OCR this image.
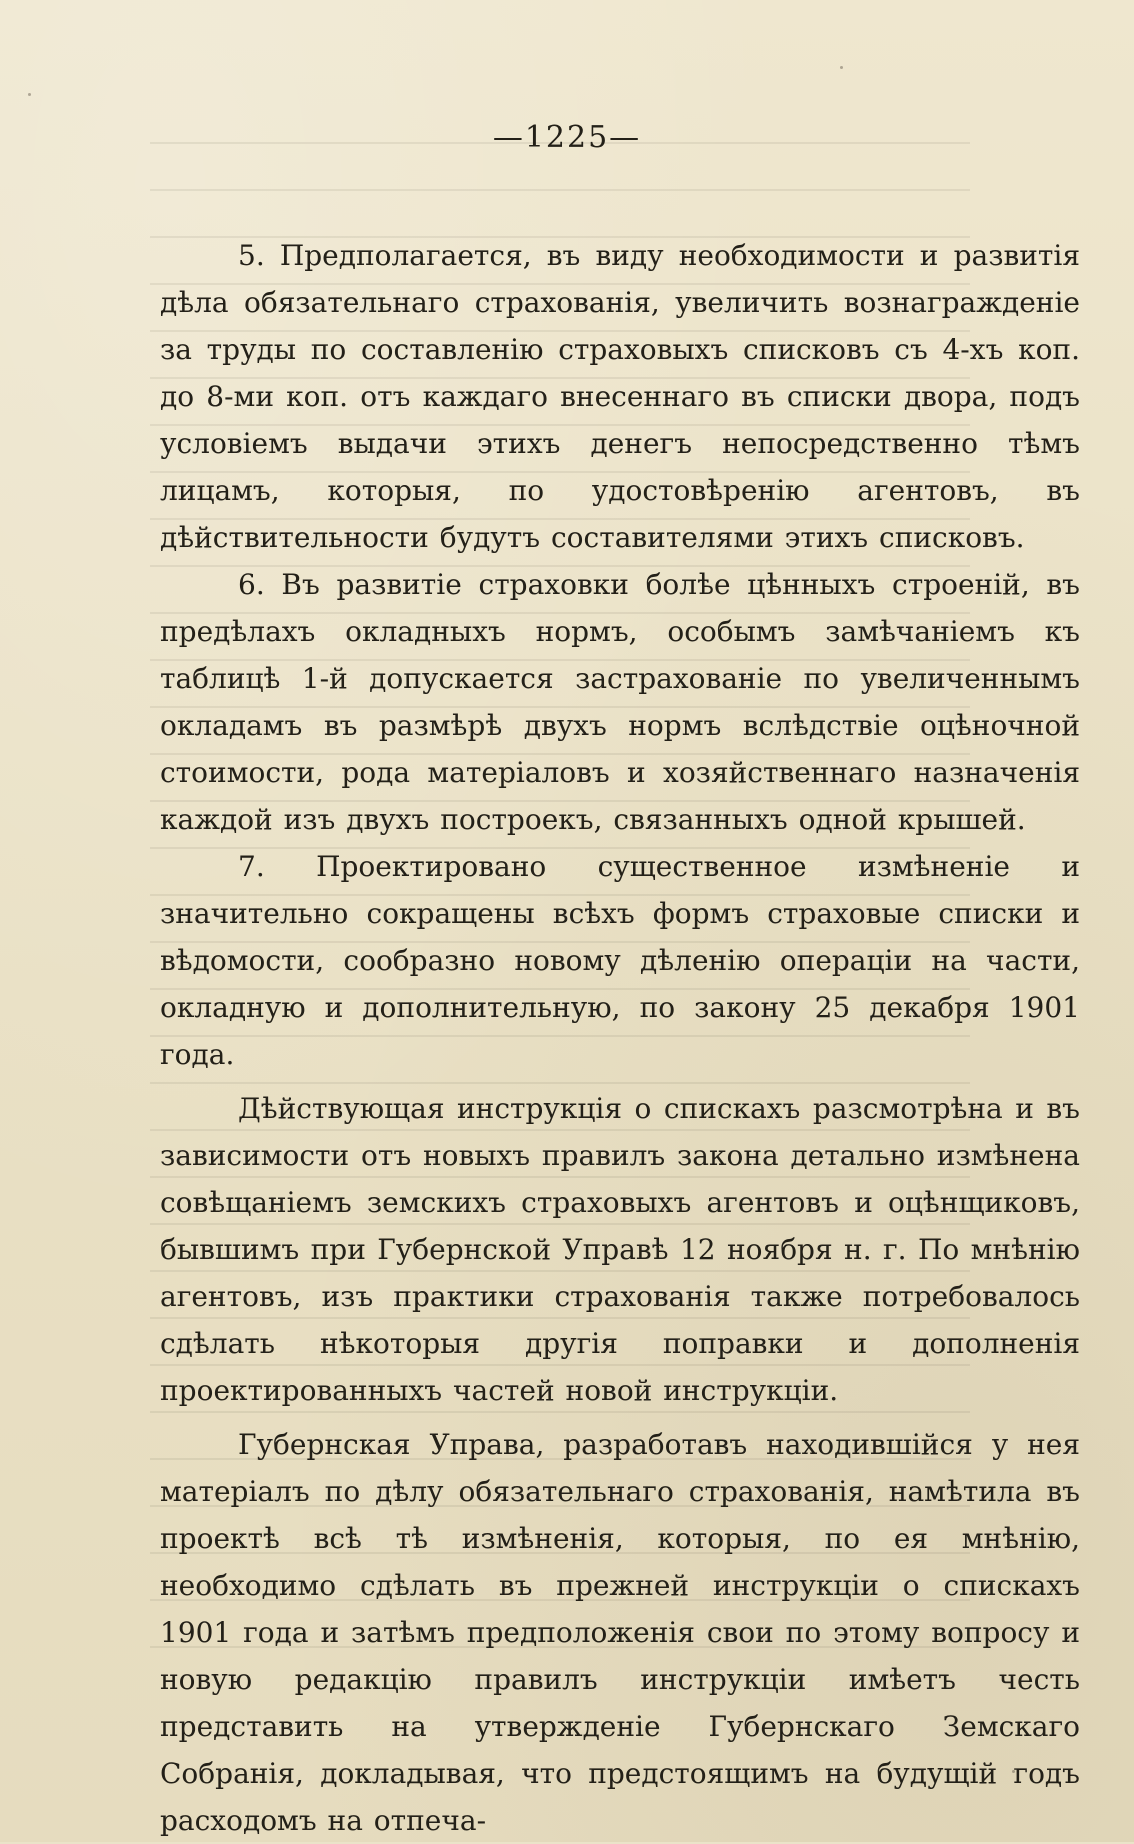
—1225—
5. Предполагается, въ виду необходимости и развитія дѣла обязательнаго страхованія, увеличить вознагражденіе за труды по составленію страховыхъ списковъ съ 4-хъ коп. до 8-ми коп. отъ каждаго внесеннаго въ списки двора, подъ условіемъ выдачи этихъ денегъ непосредственно тѣмъ лицамъ, которыя, по удостовѣренію агентовъ, въ дѣйствительности будутъ составителями этихъ списковъ.
6. Въ развитіе страховки болѣе цѣнныхъ строеній, въ предѣлахъ окладныхъ нормъ, особымъ замѣчаніемъ къ таблицѣ 1-й допускается застрахованіе по увеличеннымъ окладамъ въ размѣрѣ двухъ нормъ вслѣдствіе оцѣночной стоимости, рода матеріаловъ и хозяйственнаго назначенія каждой изъ двухъ построекъ, связанныхъ одной крышей.
7. Проектировано существенное измѣненіе и значительно сокращены всѣхъ формъ страховые списки и вѣдомости, сообразно новому дѣленію операціи на части, окладную и дополнительную, по закону 25 декабря 1901 года.
Дѣйствующая инструкція о спискахъ разсмотрѣна и въ зависимости отъ новыхъ правилъ закона детально измѣнена совѣщаніемъ земскихъ страховыхъ агентовъ и оцѣнщиковъ, бывшимъ при Губернской Управѣ 12 ноября н. г. По мнѣнію агентовъ, изъ практики страхованія также потребовалось сдѣлать нѣкоторыя другія поправки и дополненія проектированныхъ частей новой инструкціи.
Губернская Управа, разработавъ находившійся у нея матеріалъ по дѣлу обязательнаго страхованія, намѣтила въ проектѣ всѣ тѣ измѣненія, которыя, по ея мнѣнію, необходимо сдѣлать въ прежней инструкціи о спискахъ 1901 года и затѣмъ предположенія свои по этому вопросу и новую редакцію правилъ инструкціи имѣетъ честь представить на утвержденіе Губернскаго Земскаго Собранія, докладывая, что предстоящимъ на будущій годъ расходомъ на отпеча-
